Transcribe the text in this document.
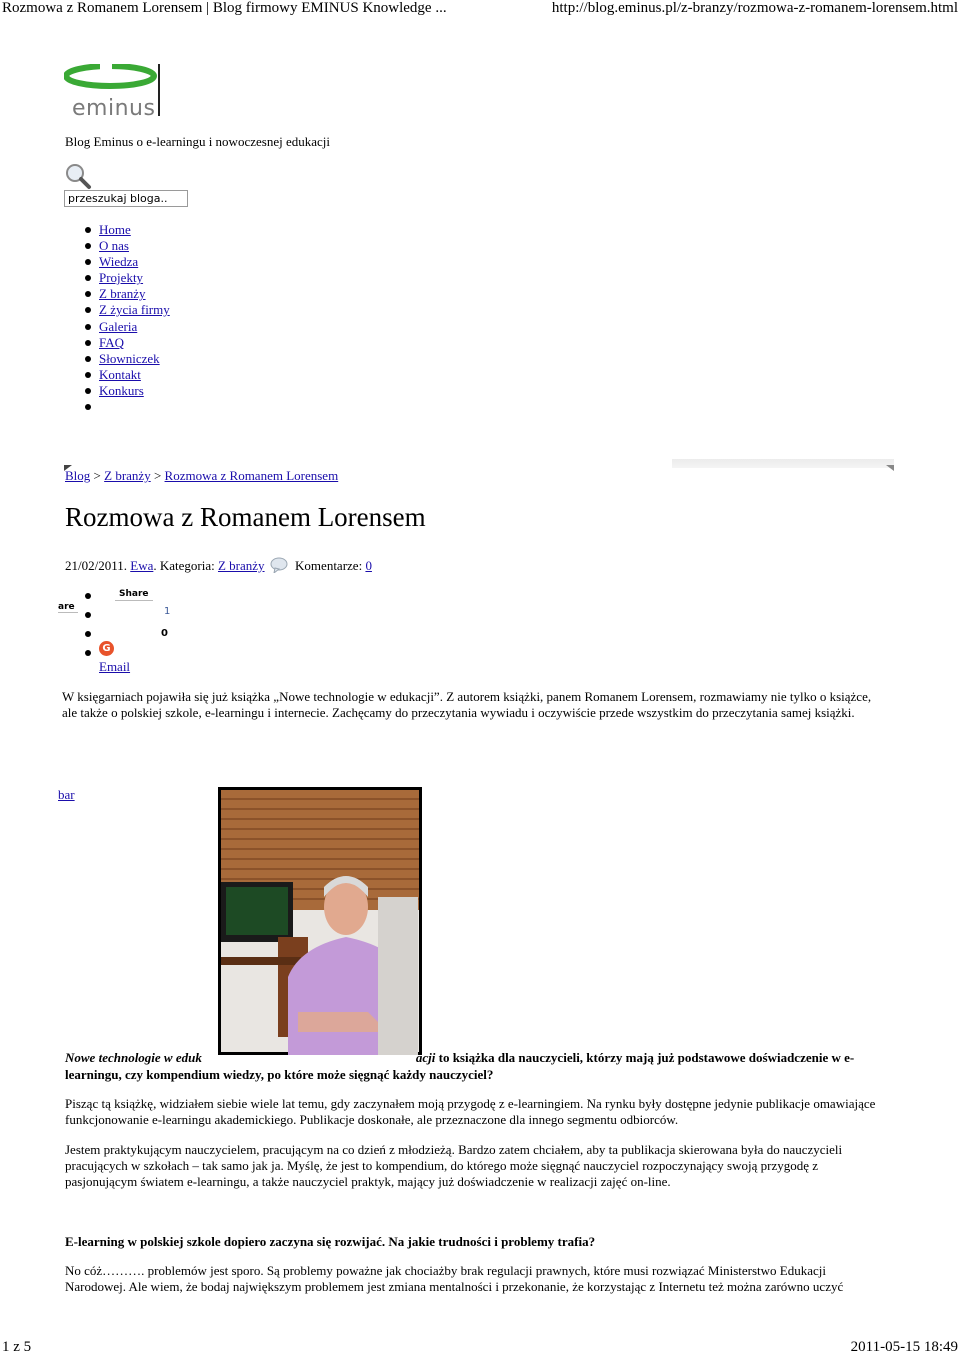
Rozmowa z Romanem Lorensem | Blog firmowy EMINUS Knowledge ...	http://blog.eminus.pl/z-branzy/rozmowa-z-romanem-lorensem.html
eminus
Blog Eminus o e-learningu i nowoczesnej edukacji
przeszukaj bloga..
Home
O nas
Wiedza
Projekty
Z branży
Z życia firmy
Galeria
FAQ
Słowniczek
Kontakt
Konkurs
Blog > Z branży > Rozmowa z Romanem Lorensem
Rozmowa z Romanem Lorensem
21/02/2011. Ewa. Kategoria: Z branży Komentarze: 0
are
Share
1
0
G
Email
W księgarniach pojawiła się już książka „Nowe technologie w edukacji”. Z autorem książki, panem Romanem Lorensem, rozmawiamy nie tylko o książce, ale także o polskiej szkole, e-learningu i internecie. Zachęcamy do przeczytania wywiadu i oczywiście przede wszystkim do przeczytania samej książki.
bar
Nowe technologie w eduk	acji to książka dla nauczycieli, którzy mają już podstawowe doświadczenie w e-learningu, czy kompendium wiedzy, po które może sięgnąć każdy nauczyciel?
Pisząc tą książkę, widziałem siebie wiele lat temu, gdy zaczynałem moją przygodę z e-learningiem. Na rynku były dostępne jedynie publikacje omawiające funkcjonowanie e-learningu akademickiego. Publikacje doskonałe, ale przeznaczone dla innego segmentu odbiorców.
Jestem praktykującym nauczycielem, pracującym na co dzień z młodzieżą. Bardzo zatem chciałem, aby ta publikacja skierowana była do nauczycieli pracujących w szkołach – tak samo jak ja. Myślę, że jest to kompendium, do którego może sięgnąć nauczyciel rozpoczynający swoją przygodę z pasjonującym światem e-learningu, a także nauczyciel praktyk, mający już doświadczenie w realizacji zajęć on-line.
E-learning w polskiej szkole dopiero zaczyna się rozwijać. Na jakie trudności i problemy trafia?
No cóż………. problemów jest sporo. Są problemy poważne jak chociażby brak regulacji prawnych, które musi rozwiązać Ministerstwo Edukacji Narodowej. Ale wiem, że bodaj największym problemem jest zmiana mentalności i przekonanie, że korzystając z Internetu też można zarówno uczyć
1 z 5	2011-05-15 18:49
